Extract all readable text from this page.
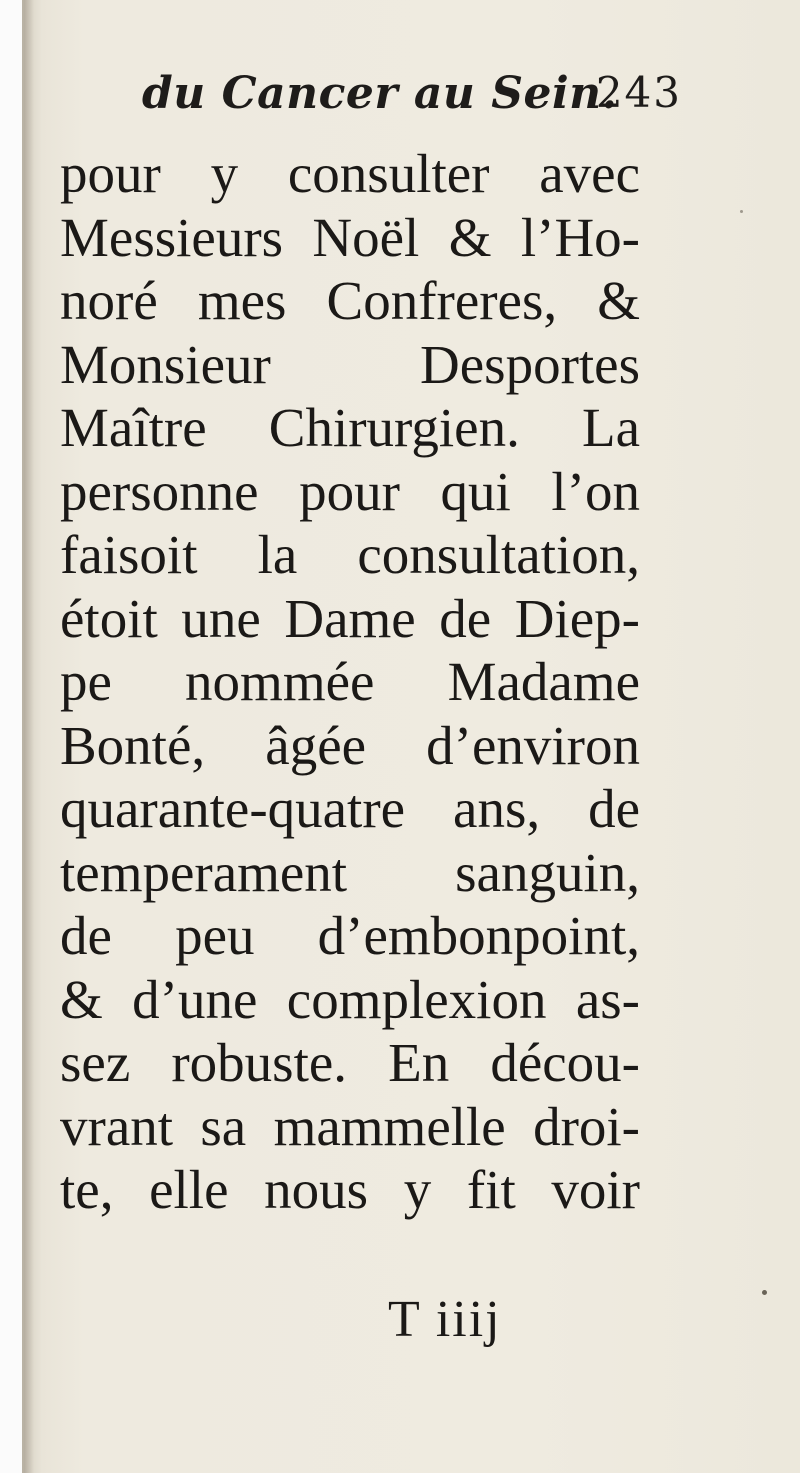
du Cancer au Sein.
243
pour y consulter avec
Messieurs Noël & l’Ho-
noré mes Confreres, &
Monsieur Desportes
Maître Chirurgien. La
personne pour qui l’on
faisoit la consultation,
étoit une Dame de Diep-
pe nommée Madame
Bonté, âgée d’environ
quarante-quatre ans, de
temperament sanguin,
de peu d’embonpoint,
& d’une complexion as-
sez robuste. En décou-
vrant sa mammelle droi-
te, elle nous y fit voir
T iiij
